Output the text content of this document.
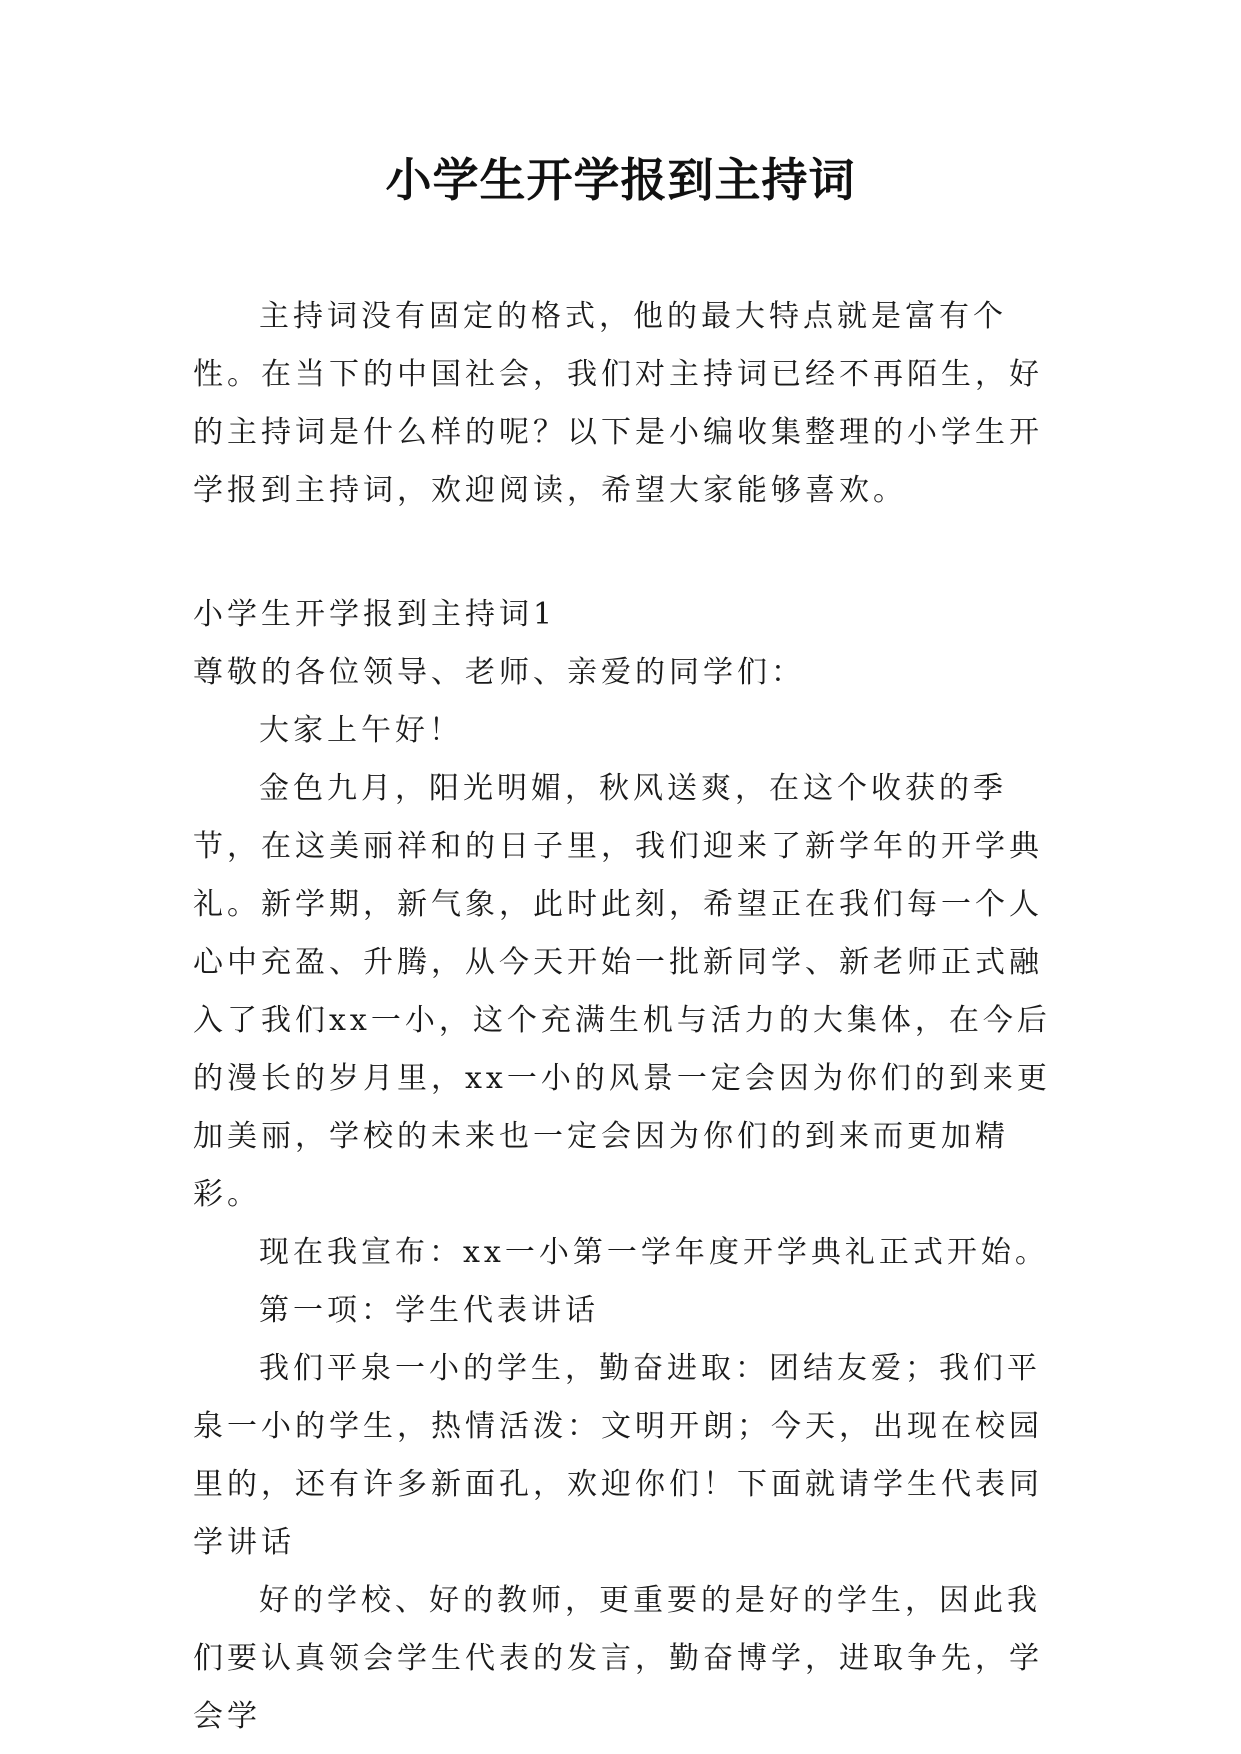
小学生开学报到主持词

主持词没有固定的格式，他的最大特点就是富有个性。在当下的中国社会，我们对主持词已经不再陌生，好的主持词是什么样的呢？以下是小编收集整理的小学生开学报到主持词，欢迎阅读，希望大家能够喜欢。

小学生开学报到主持词1

尊敬的各位领导、老师、亲爱的同学们：

大家上午好！

金色九月，阳光明媚，秋风送爽，在这个收获的季节，在这美丽祥和的日子里，我们迎来了新学年的开学典礼。新学期，新气象，此时此刻，希望正在我们每一个人心中充盈、升腾，从今天开始一批新同学、新老师正式融入了我们xx一小，这个充满生机与活力的大集体，在今后的漫长的岁月里，xx一小的风景一定会因为你们的到来更加美丽，学校的未来也一定会因为你们的到来而更加精彩。

现在我宣布：xx一小第一学年度开学典礼正式开始。

第一项：学生代表讲话

我们平泉一小的学生，勤奋进取：团结友爱；我们平泉一小的学生，热情活泼：文明开朗；今天，出现在校园里的，还有许多新面孔，欢迎你们！下面就请学生代表同学讲话

好的学校、好的教师，更重要的是好的学生，因此我们要认真领会学生代表的发言，勤奋博学，进取争先，学会学
